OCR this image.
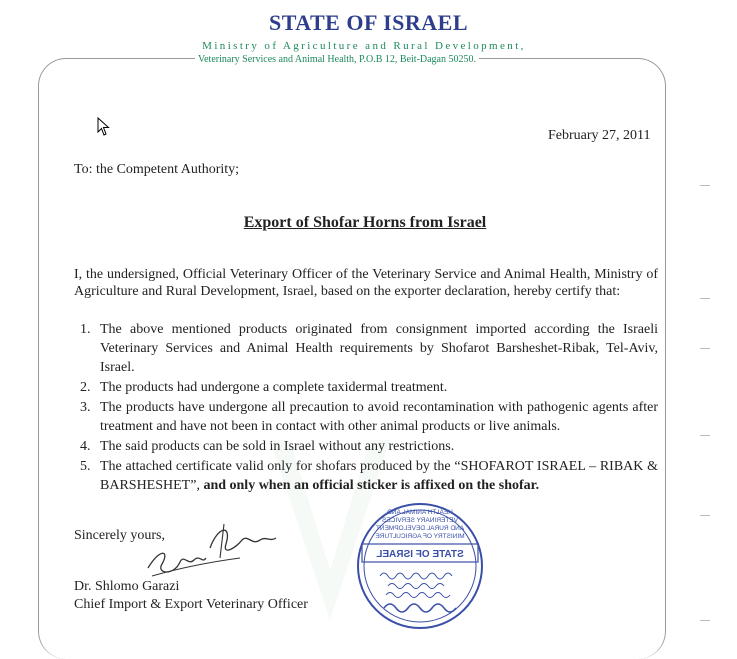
STATE OF ISRAEL
Ministry of Agriculture and Rural Development,
Veterinary Services and Animal Health, P.O.B 12, Beit-Dagan 50250.
February 27, 2011
To: the Competent Authority;
Export of Shofar Horns from Israel
I, the undersigned, Official Veterinary Officer of the Veterinary Service and Animal Health, Ministry of Agriculture and Rural Development, Israel, based on the exporter declaration, hereby certify that:
1. The above mentioned products originated from consignment imported according the Israeli Veterinary Services and Animal Health requirements by Shofarot Barsheshet-Ribak, Tel-Aviv, Israel.
2. The products had undergone a complete taxidermal treatment.
3. The products have undergone all precaution to avoid recontamination with pathogenic agents after treatment and have not been in contact with other animal products or live animals.
4. The said products can be sold in Israel without any restrictions.
5. The attached certificate valid only for shofars produced by the “SHOFAROT ISRAEL – RIBAK & BARSHESHET”, and only when an official sticker is affixed on the shofar.
Sincerely yours,
Dr. Shlomo Garazi
Chief Import & Export Veterinary Officer
HEALTH ANIMAL AND
VETERINARY SERVICES
AND RURAL DEVELOPMENT
MINISTRY OF AGRICULTURE
STATE OF ISRAEL
